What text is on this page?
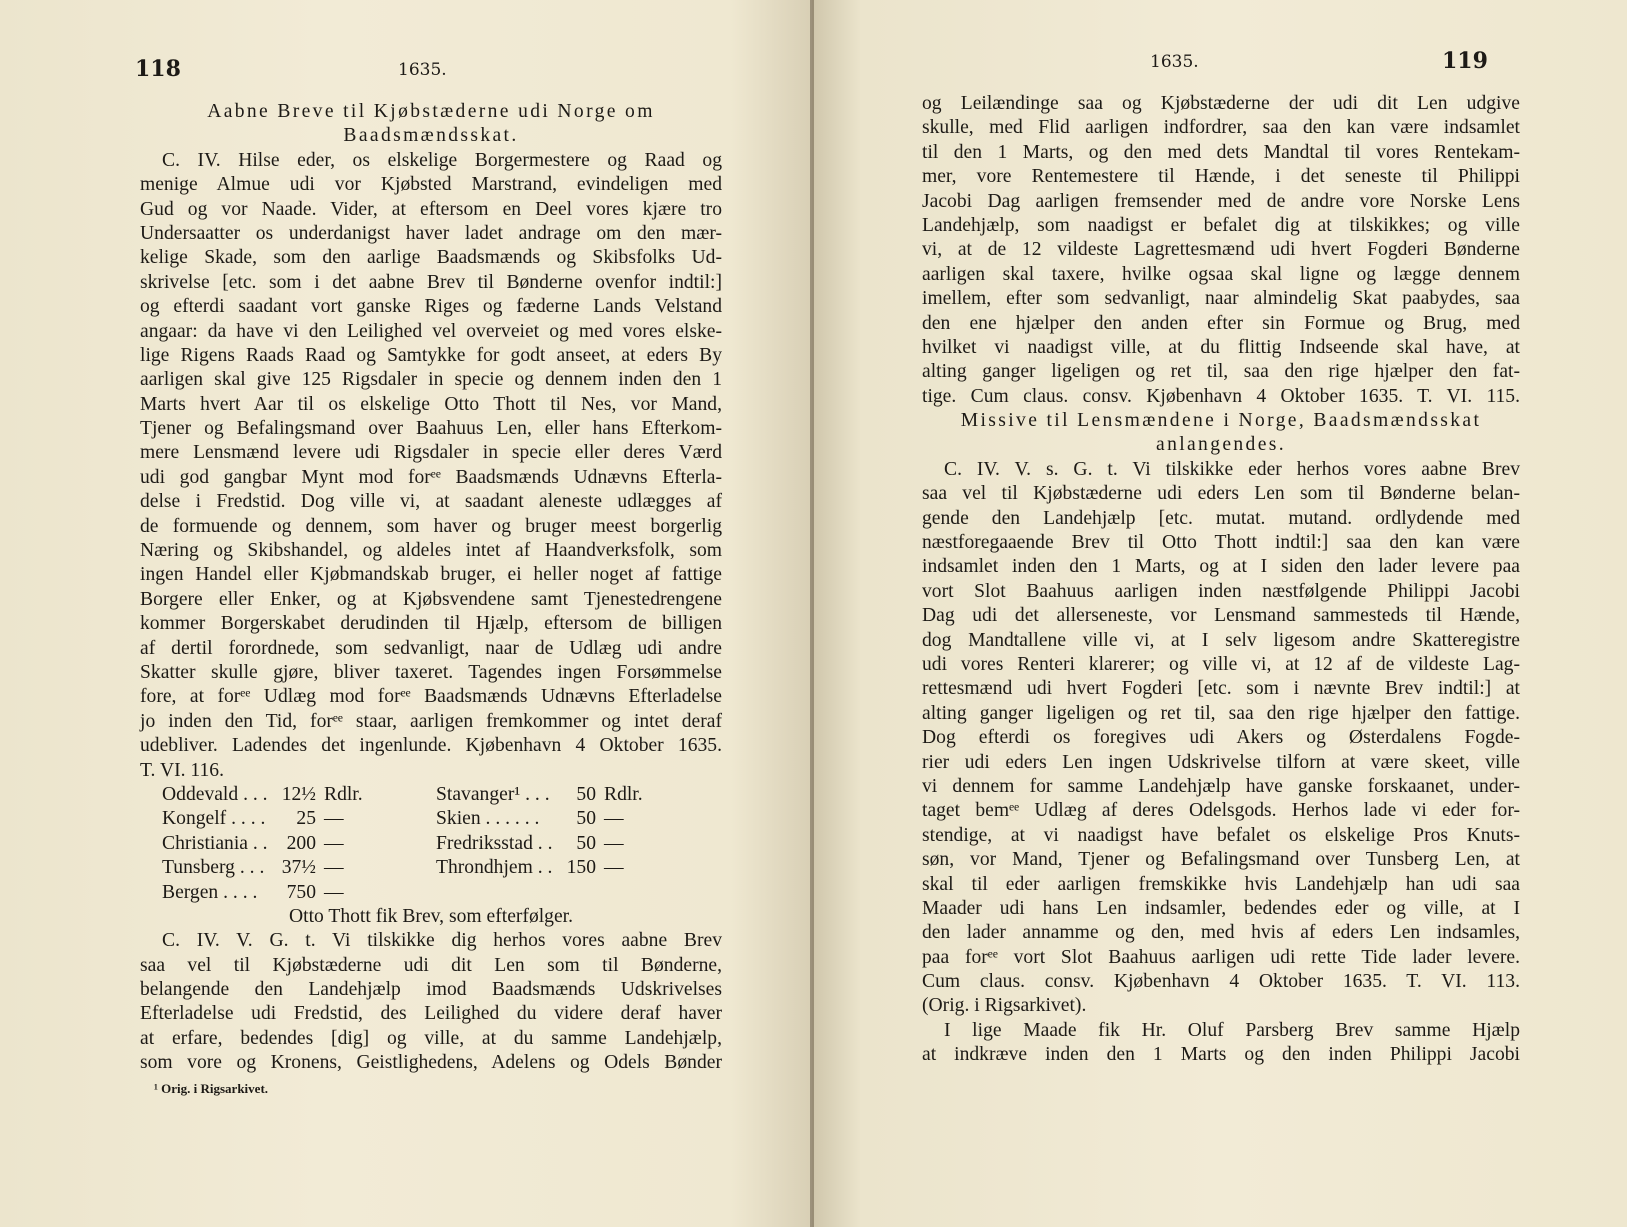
118	1635.
Aabne Breve til Kjøbstæderne udi Norge om
Baadsmændsskat.
C. IV. Hilse eder, os elskelige Borgermestere og Raad og
menige Almue udi vor Kjøbsted Marstrand, evindeligen med
Gud og vor Naade. Vider, at eftersom en Deel vores kjære tro
Undersaatter os underdanigst haver ladet andrage om den mær-
kelige Skade, som den aarlige Baadsmænds og Skibsfolks Ud-
skrivelse [etc. som i det aabne Brev til Bønderne ovenfor indtil:]
og efterdi saadant vort ganske Riges og fæderne Lands Velstand
angaar: da have vi den Leilighed vel overveiet og med vores elske-
lige Rigens Raads Raad og Samtykke for godt anseet, at eders By
aarligen skal give 125 Rigsdaler in specie og dennem inden den 1
Marts hvert Aar til os elskelige Otto Thott til Nes, vor Mand,
Tjener og Befalingsmand over Baahuus Len, eller hans Efterkom-
mere Lensmænd levere udi Rigsdaler in specie eller deres Værd
udi god gangbar Mynt mod forᵉᵉ Baadsmænds Udnævns Efterla-
delse i Fredstid. Dog ville vi, at saadant aleneste udlægges af
de formuende og dennem, som haver og bruger meest borgerlig
Næring og Skibshandel, og aldeles intet af Haandverksfolk, som
ingen Handel eller Kjøbmandskab bruger, ei heller noget af fattige
Borgere eller Enker, og at Kjøbsvendene samt Tjenestedrengene
kommer Borgerskabet derudinden til Hjælp, eftersom de billigen
af dertil forordnede, som sedvanligt, naar de Udlæg udi andre
Skatter skulle gjøre, bliver taxeret. Tagendes ingen Forsømmelse
fore, at forᵉᵉ Udlæg mod forᵉᵉ Baadsmænds Udnævns Efterladelse
jo inden den Tid, forᵉᵉ staar, aarligen fremkommer og intet deraf
udebliver. Ladendes det ingenlunde. Kjøbenhavn 4 Oktober 1635.
T. VI. 116.
Oddevald . . . 12½ Rdlr.	Stavanger¹ . . .	50 Rdlr.
Kongelf . . . .	25 —	Skien . . . . . .	50 —
Christiania . . 200 —	Fredriksstad . .	50 —
Tunsberg . . . 37½ —	Throndhjem . . 150 —
Bergen . . . .	750 —
Otto Thott fik Brev, som efterfølger.
C. IV. V. G. t. Vi tilskikke dig herhos vores aabne Brev
saa vel til Kjøbstæderne udi dit Len som til Bønderne,
belangende den Landehjælp imod Baadsmænds Udskrivelses
Efterladelse udi Fredstid, des Leilighed du videre deraf haver
at erfare, bedendes [dig] og ville, at du samme Landehjælp,
som vore og Kronens, Geistlighedens, Adelens og Odels Bønder
¹ Orig. i Rigsarkivet.
1635.	119
og Leilændinge saa og Kjøbstæderne der udi dit Len udgive
skulle, med Flid aarligen indfordrer, saa den kan være indsamlet
til den 1 Marts, og den med dets Mandtal til vores Rentekam-
mer, vore Rentemestere til Hænde, i det seneste til Philippi
Jacobi Dag aarligen fremsender med de andre vore Norske Lens
Landehjælp, som naadigst er befalet dig at tilskikkes; og ville
vi, at de 12 vildeste Lagrettesmænd udi hvert Fogderi Bønderne
aarligen skal taxere, hvilke ogsaa skal ligne og lægge dennem
imellem, efter som sedvanligt, naar almindelig Skat paabydes, saa
den ene hjælper den anden efter sin Formue og Brug, med
hvilket vi naadigst ville, at du flittig Indseende skal have, at
alting ganger ligeligen og ret til, saa den rige hjælper den fat-
tige. Cum claus. consv. Kjøbenhavn 4 Oktober 1635. T. VI. 115.
Missive til Lensmændene i Norge, Baadsmændsskat
anlangendes.
C. IV. V. s. G. t. Vi tilskikke eder herhos vores aabne Brev
saa vel til Kjøbstæderne udi eders Len som til Bønderne belan-
gende den Landehjælp [etc. mutat. mutand. ordlydende med
næstforegaaende Brev til Otto Thott indtil:] saa den kan være
indsamlet inden den 1 Marts, og at I siden den lader levere paa
vort Slot Baahuus aarligen inden næstfølgende Philippi Jacobi
Dag udi det allerseneste, vor Lensmand sammesteds til Hænde,
dog Mandtallene ville vi, at I selv ligesom andre Skatteregistre
udi vores Renteri klarerer; og ville vi, at 12 af de vildeste Lag-
rettesmænd udi hvert Fogderi [etc. som i nævnte Brev indtil:] at
alting ganger ligeligen og ret til, saa den rige hjælper den fattige.
Dog efterdi os foregives udi Akers og Østerdalens Fogde-
rier udi eders Len ingen Udskrivelse tilforn at være skeet, ville
vi dennem for samme Landehjælp have ganske forskaanet, under-
taget bemᵉᵉ Udlæg af deres Odelsgods. Herhos lade vi eder for-
stendige, at vi naadigst have befalet os elskelige Pros Knuts-
søn, vor Mand, Tjener og Befalingsmand over Tunsberg Len, at
skal til eder aarligen fremskikke hvis Landehjælp han udi saa
Maader udi hans Len indsamler, bedendes eder og ville, at I
den lader annamme og den, med hvis af eders Len indsamles,
paa forᵉᵉ vort Slot Baahuus aarligen udi rette Tide lader levere.
Cum claus. consv. Kjøbenhavn 4 Oktober 1635. T. VI. 113.
(Orig. i Rigsarkivet).
I lige Maade fik Hr. Oluf Parsberg Brev samme Hjælp
at indkræve inden den 1 Marts og den inden Philippi Jacobi
